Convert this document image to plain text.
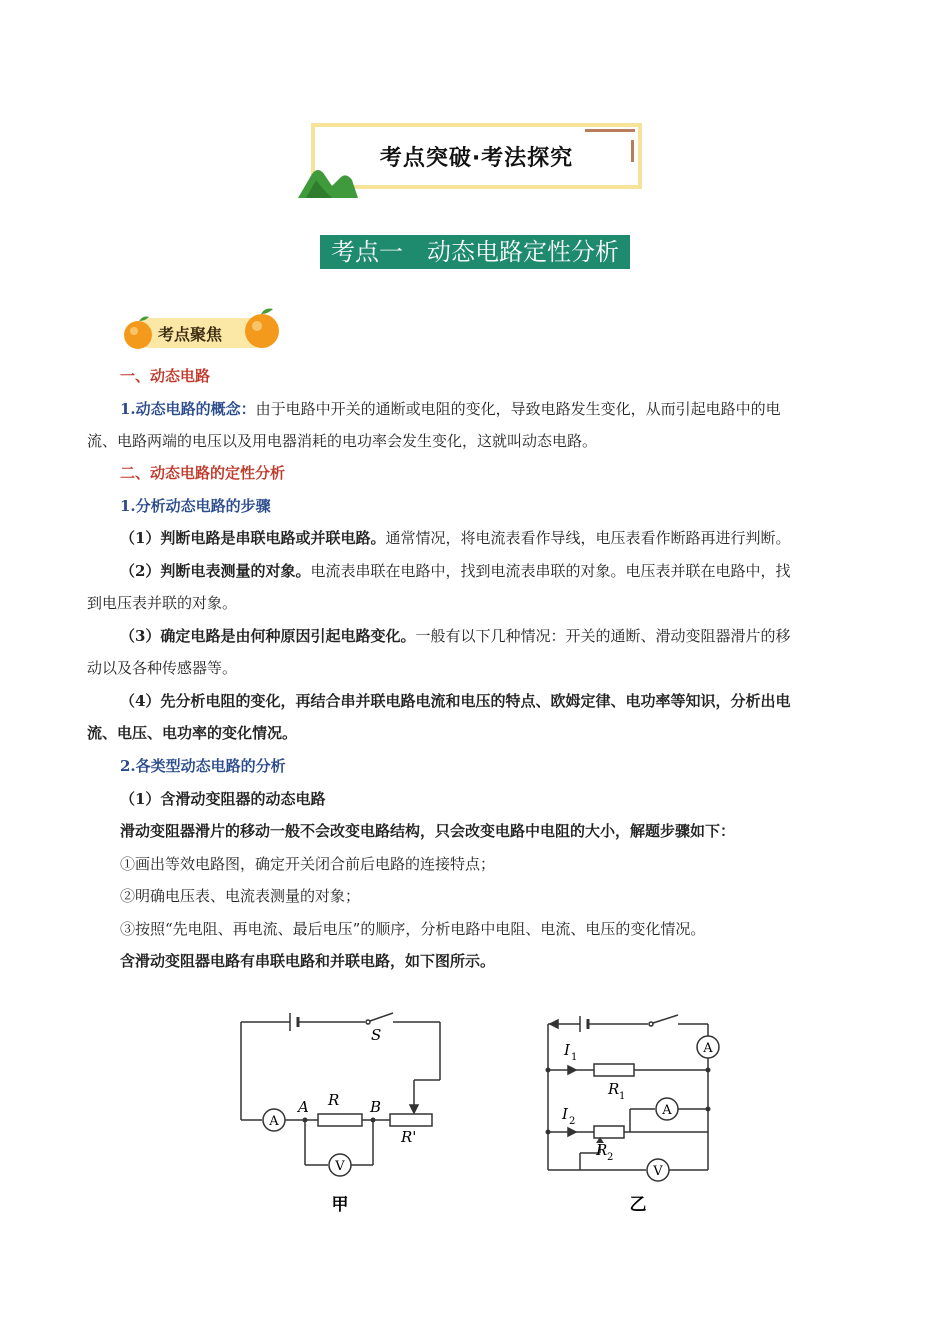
考点突破·考法探究
考点一　动态电路定性分析
考点聚焦
一、动态电路
1.动态电路的概念：由于电路中开关的通断或电阻的变化，导致电路发生变化，从而引起电路中的电
流、电路两端的电压以及用电器消耗的电功率会发生变化，这就叫动态电路。
二、动态电路的定性分析
1.分析动态电路的步骤
（1）判断电路是串联电路或并联电路。通常情况，将电流表看作导线，电压表看作断路再进行判断。
（2）判断电表测量的对象。电流表串联在电路中，找到电流表串联的对象。电压表并联在电路中，找
到电压表并联的对象。
（3）确定电路是由何种原因引起电路变化。一般有以下几种情况：开关的通断、滑动变阻器滑片的移
动以及各种传感器等。
（4）先分析电阻的变化，再结合串并联电路电流和电压的特点、欧姆定律、电功率等知识，分析出电
流、电压、电功率的变化情况。
2.各类型动态电路的分析
（1）含滑动变阻器的动态电路
滑动变阻器滑片的移动一般不会改变电路结构，只会改变电路中电阻的大小，解题步骤如下：
①画出等效电路图，确定开关闭合前后电路的连接特点；
②明确电压表、电流表测量的对象；
③按照“先电阻、再电流、最后电压”的顺序，分析电路中电阻、电流、电压的变化情况。
含滑动变阻器电路有串联电路和并联电路，如下图所示。
A
V
S
A	B
R
R'
甲
A
A
V
I 1
I 2
R 1
R 2
乙
